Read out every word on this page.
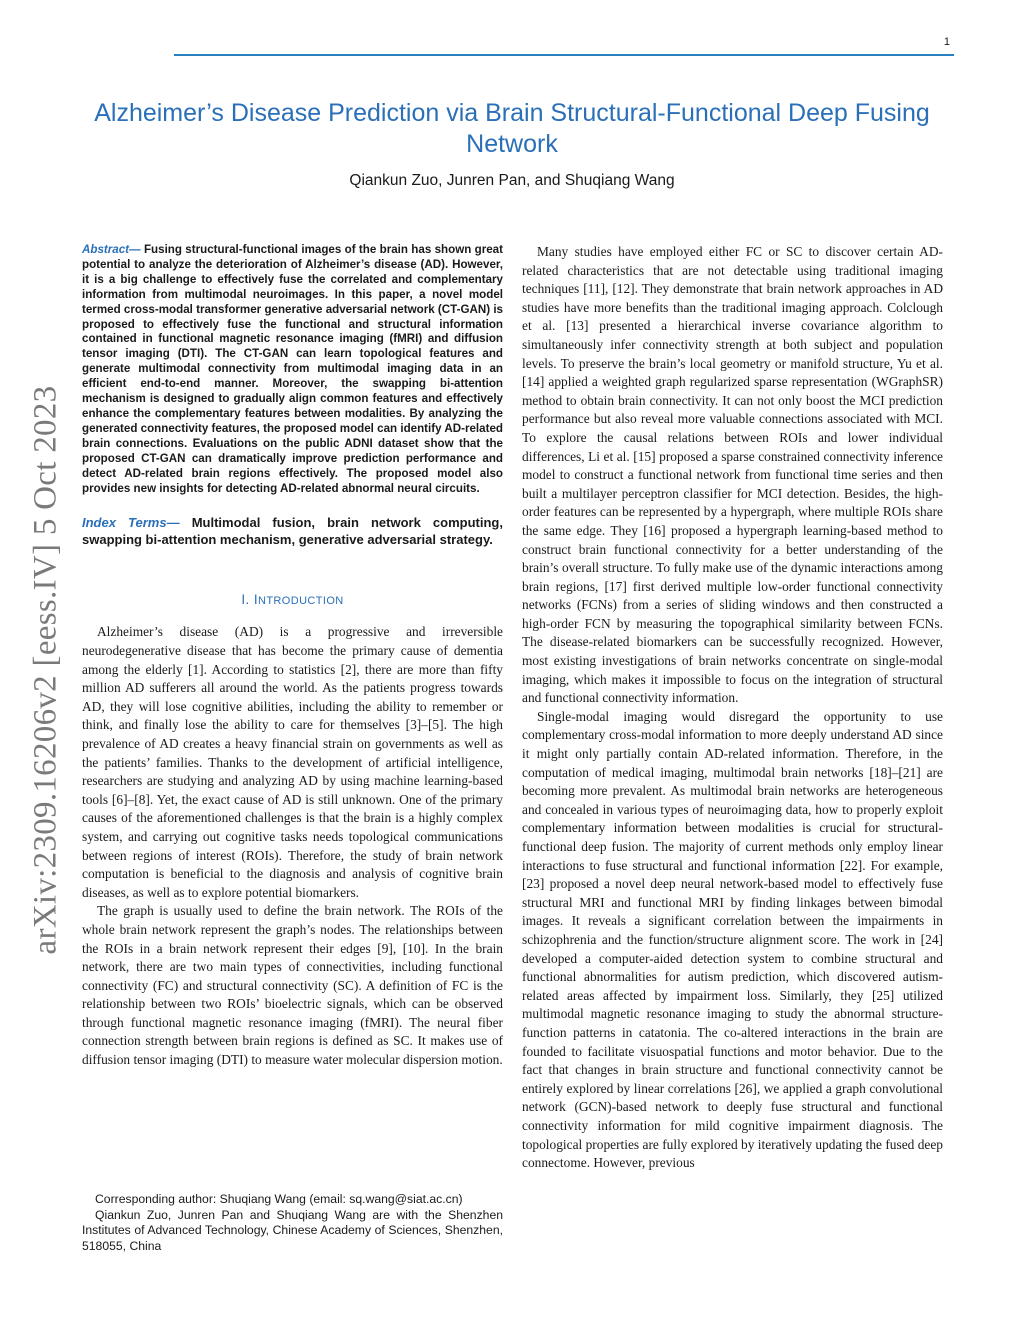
1
arXiv:2309.16206v2 [eess.IV] 5 Oct 2023
Alzheimer’s Disease Prediction via Brain Structural-Functional Deep Fusing Network
Qiankun Zuo, Junren Pan, and Shuqiang Wang

Abstract— Fusing structural-functional images of the brain has shown great potential to analyze the deterioration of Alzheimer’s disease (AD). However, it is a big challenge to effectively fuse the correlated and complementary information from multimodal neuroimages. In this paper, a novel model termed cross-modal transformer generative adversarial network (CT-GAN) is proposed to effectively fuse the functional and structural information contained in functional magnetic resonance imaging (fMRI) and diffusion tensor imaging (DTI). The CT-GAN can learn topological features and generate multimodal connectivity from multimodal imaging data in an efficient end-to-end manner. Moreover, the swapping bi-attention mechanism is designed to gradually align common features and effectively enhance the complementary features between modalities. By analyzing the generated connectivity features, the proposed model can identify AD-related brain connections. Evaluations on the public ADNI dataset show that the proposed CT-GAN can dramatically improve prediction performance and detect AD-related brain regions effectively. The proposed model also provides new insights for detecting AD-related abnormal neural circuits.

Index Terms— Multimodal fusion, brain network computing, swapping bi-attention mechanism, generative adversarial strategy.

I. INTRODUCTION

Alzheimer’s disease (AD) is a progressive and irreversible neurodegenerative disease that has become the primary cause of dementia among the elderly [1]. According to statistics [2], there are more than fifty million AD sufferers all around the world. As the patients progress towards AD, they will lose cognitive abilities, including the ability to remember or think, and finally lose the ability to care for themselves [3]–[5]. The high prevalence of AD creates a heavy financial strain on governments as well as the patients’ families. Thanks to the development of artificial intelligence, researchers are studying and analyzing AD by using machine learning-based tools [6]–[8]. Yet, the exact cause of AD is still unknown. One of the primary causes of the aforementioned challenges is that the brain is a highly complex system, and carrying out cognitive tasks needs topological communications between regions of interest (ROIs). Therefore, the study of brain network computation is beneficial to the diagnosis and analysis of cognitive brain diseases, as well as to explore potential biomarkers.

The graph is usually used to define the brain network. The ROIs of the whole brain network represent the graph’s nodes. The relationships between the ROIs in a brain network represent their edges [9], [10]. In the brain network, there are two main types of connectivities, including functional connectivity (FC) and structural connectivity (SC). A definition of FC is the relationship between two ROIs’ bioelectric signals, which can be observed through functional magnetic resonance imaging (fMRI). The neural fiber connection strength between brain regions is defined as SC. It makes use of diffusion tensor imaging (DTI) to measure water molecular dispersion motion.

Corresponding author: Shuqiang Wang (email: sq.wang@siat.ac.cn)

Qiankun Zuo, Junren Pan and Shuqiang Wang are with the Shenzhen Institutes of Advanced Technology, Chinese Academy of Sciences, Shenzhen, 518055, China

Many studies have employed either FC or SC to discover certain AD-related characteristics that are not detectable using traditional imaging techniques [11], [12]. They demonstrate that brain network approaches in AD studies have more benefits than the traditional imaging approach. Colclough et al. [13] presented a hierarchical inverse covariance algorithm to simultaneously infer connectivity strength at both subject and population levels. To preserve the brain’s local geometry or manifold structure, Yu et al. [14] applied a weighted graph regularized sparse representation (WGraphSR) method to obtain brain connectivity. It can not only boost the MCI prediction performance but also reveal more valuable connections associated with MCI. To explore the causal relations between ROIs and lower individual differences, Li et al. [15] proposed a sparse constrained connectivity inference model to construct a functional network from functional time series and then built a multilayer perceptron classifier for MCI detection. Besides, the high-order features can be represented by a hypergraph, where multiple ROIs share the same edge. They [16] proposed a hypergraph learning-based method to construct brain functional connectivity for a better understanding of the brain’s overall structure. To fully make use of the dynamic interactions among brain regions, [17] first derived multiple low-order functional connectivity networks (FCNs) from a series of sliding windows and then constructed a high-order FCN by measuring the topographical similarity between FCNs. The disease-related biomarkers can be successfully recognized. However, most existing investigations of brain networks concentrate on single-modal imaging, which makes it impossible to focus on the integration of structural and functional connectivity information.

Single-modal imaging would disregard the opportunity to use complementary cross-modal information to more deeply understand AD since it might only partially contain AD-related information. Therefore, in the computation of medical imaging, multimodal brain networks [18]–[21] are becoming more prevalent. As multimodal brain networks are heterogeneous and concealed in various types of neuroimaging data, how to properly exploit complementary information between modalities is crucial for structural-functional deep fusion. The majority of current methods only employ linear interactions to fuse structural and functional information [22]. For example, [23] proposed a novel deep neural network-based model to effectively fuse structural MRI and functional MRI by finding linkages between bimodal images. It reveals a significant correlation between the impairments in schizophrenia and the function/structure alignment score. The work in [24] developed a computer-aided detection system to combine structural and functional abnormalities for autism prediction, which discovered autism-related areas affected by impairment loss. Similarly, they [25] utilized multimodal magnetic resonance imaging to study the abnormal structure-function patterns in catatonia. The co-altered interactions in the brain are founded to facilitate visuospatial functions and motor behavior. Due to the fact that changes in brain structure and functional connectivity cannot be entirely explored by linear correlations [26], we applied a graph convolutional network (GCN)-based network to deeply fuse structural and functional connectivity information for mild cognitive impairment diagnosis. The topological properties are fully explored by iteratively updating the fused deep connectome. However, previous
